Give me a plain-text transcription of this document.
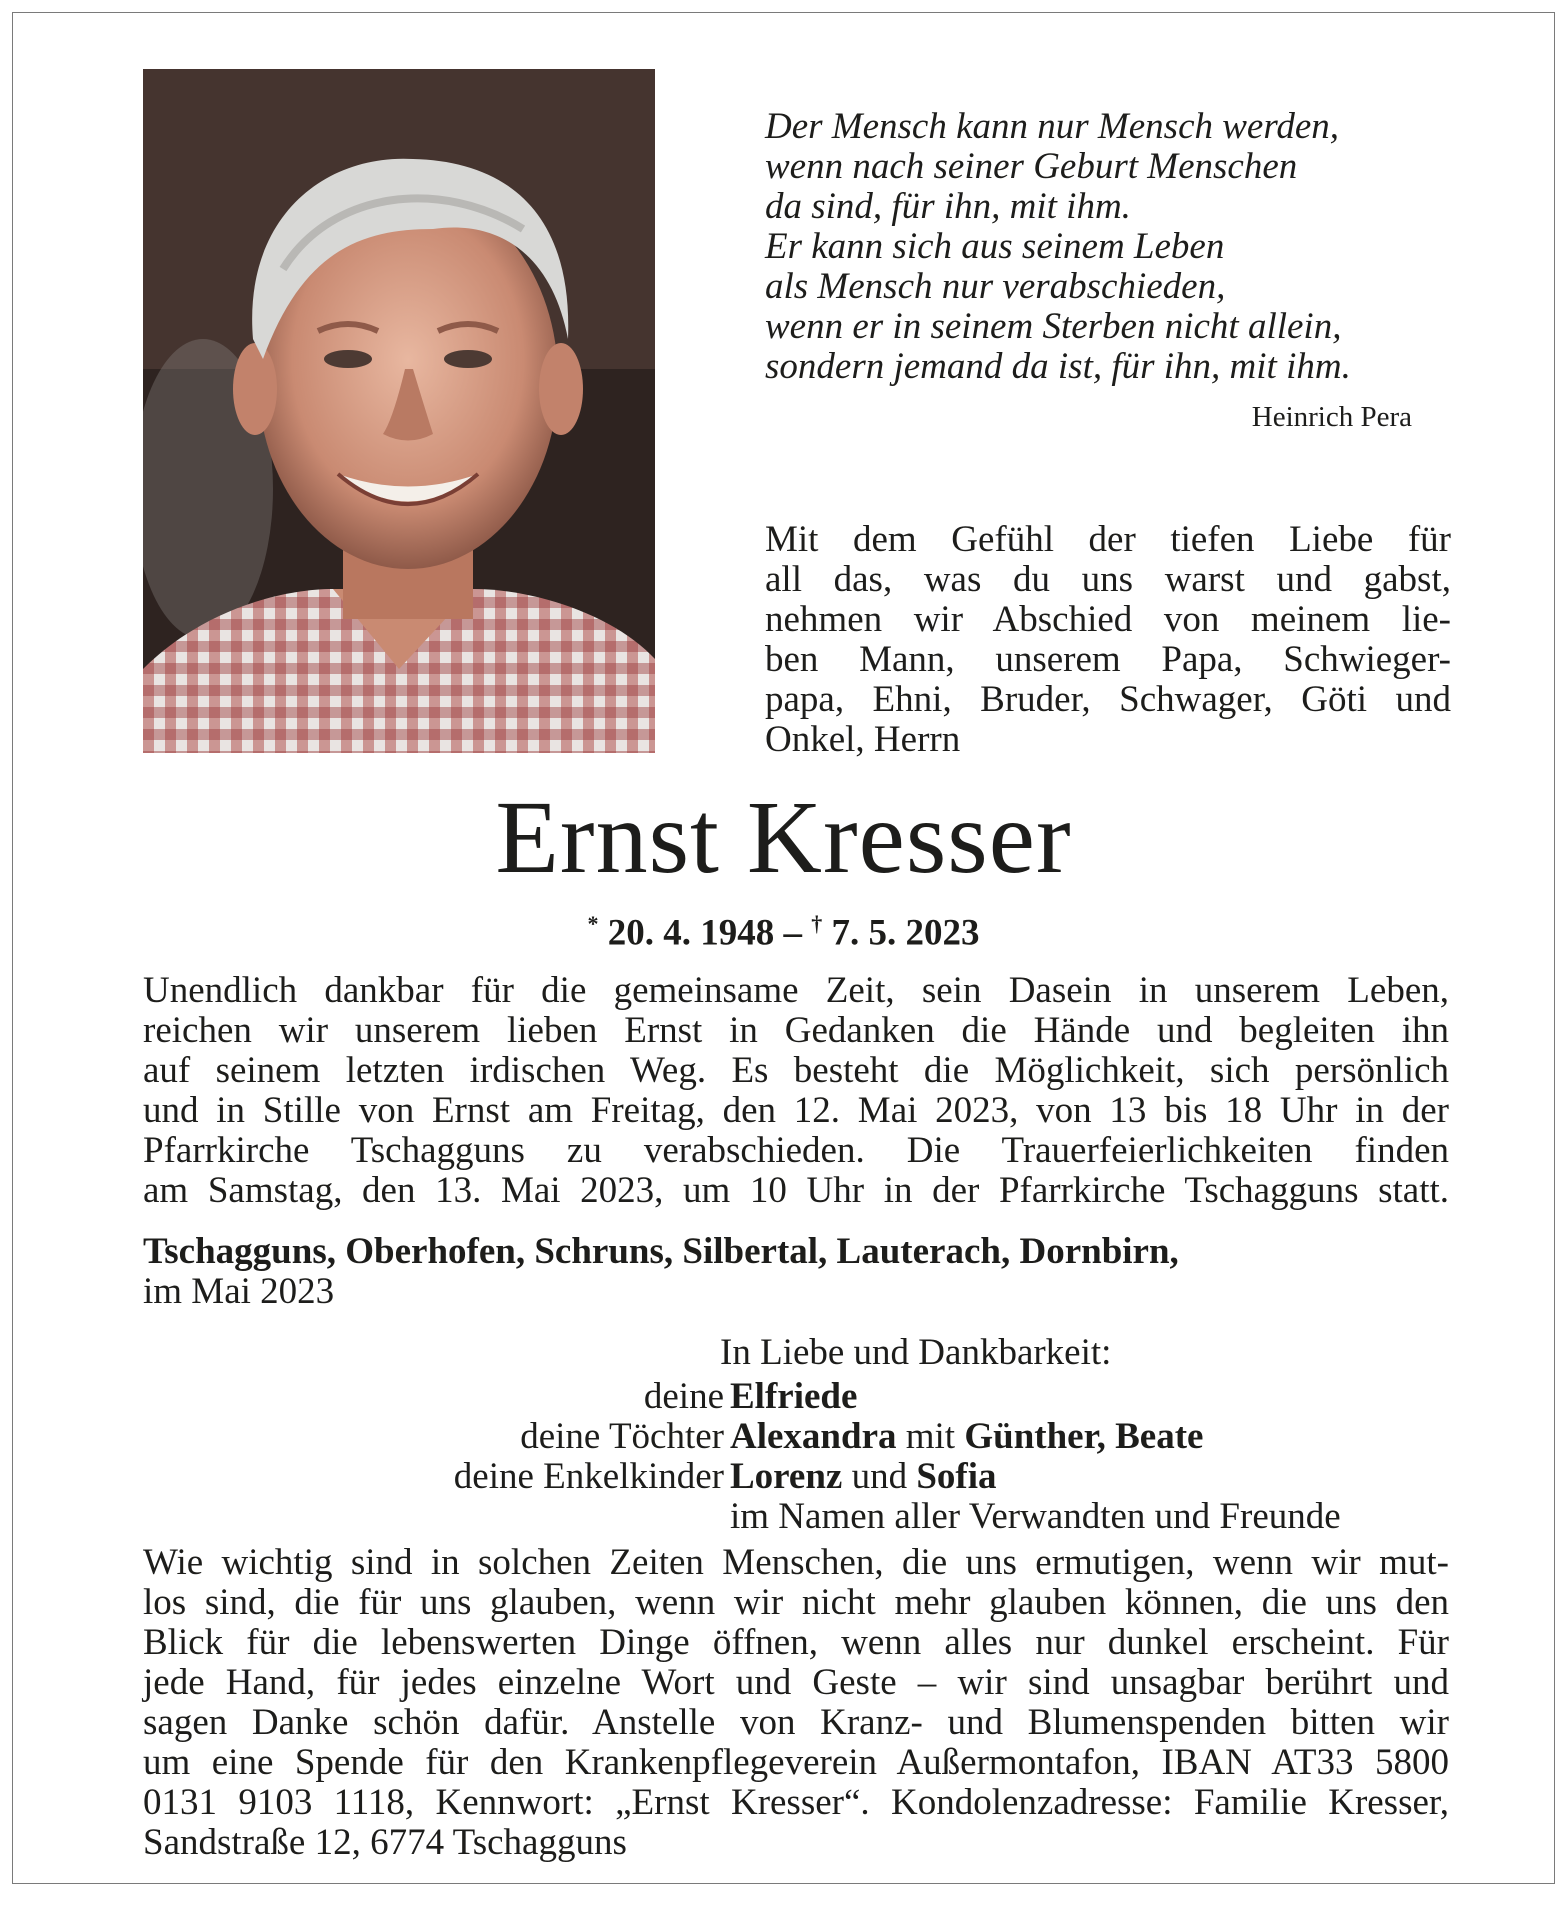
Der Mensch kann nur Mensch werden,
wenn nach seiner Geburt Menschen
da sind, für ihn, mit ihm.
Er kann sich aus seinem Leben
als Mensch nur verabschieden,
wenn er in seinem Sterben nicht allein,
sondern jemand da ist, für ihn, mit ihm.
Heinrich Pera
Mit dem Gefühl der tiefen Liebe für
all das, was du uns warst und gabst,
nehmen wir Abschied von meinem lie-
ben Mann, unserem Papa, Schwieger-
papa, Ehni, Bruder, Schwager, Göti und
Onkel, Herrn
Ernst Kresser
* 20. 4. 1948 – † 7. 5. 2023
Unendlich dankbar für die gemeinsame Zeit, sein Dasein in unserem Leben,
reichen wir unserem lieben Ernst in Gedanken die Hände und begleiten ihn
auf seinem letzten irdischen Weg. Es besteht die Möglichkeit, sich persönlich
und in Stille von Ernst am Freitag, den 12. Mai 2023, von 13 bis 18 Uhr in der
Pfarrkirche Tschagguns zu verabschieden. Die Trauerfeierlichkeiten finden
am Samstag, den 13. Mai 2023, um 10 Uhr in der Pfarrkirche Tschagguns statt.
Tschagguns, Oberhofen, Schruns, Silbertal, Lauterach, Dornbirn,
im Mai 2023
In Liebe und Dankbarkeit:
deine Elfriede
deine Töchter Alexandra mit Günther, Beate
deine Enkelkinder Lorenz und Sofia
im Namen aller Verwandten und Freunde
Wie wichtig sind in solchen Zeiten Menschen, die uns ermutigen, wenn wir mut-
los sind, die für uns glauben, wenn wir nicht mehr glauben können, die uns den
Blick für die lebenswerten Dinge öffnen, wenn alles nur dunkel erscheint. Für
jede Hand, für jedes einzelne Wort und Geste – wir sind unsagbar berührt und
sagen Danke schön dafür. Anstelle von Kranz- und Blumenspenden bitten wir
um eine Spende für den Krankenpflegeverein Außermontafon, IBAN AT33 5800
0131 9103 1118, Kennwort: „Ernst Kresser“. Kondolenzadresse: Familie Kresser,
Sandstraße 12, 6774 Tschagguns
